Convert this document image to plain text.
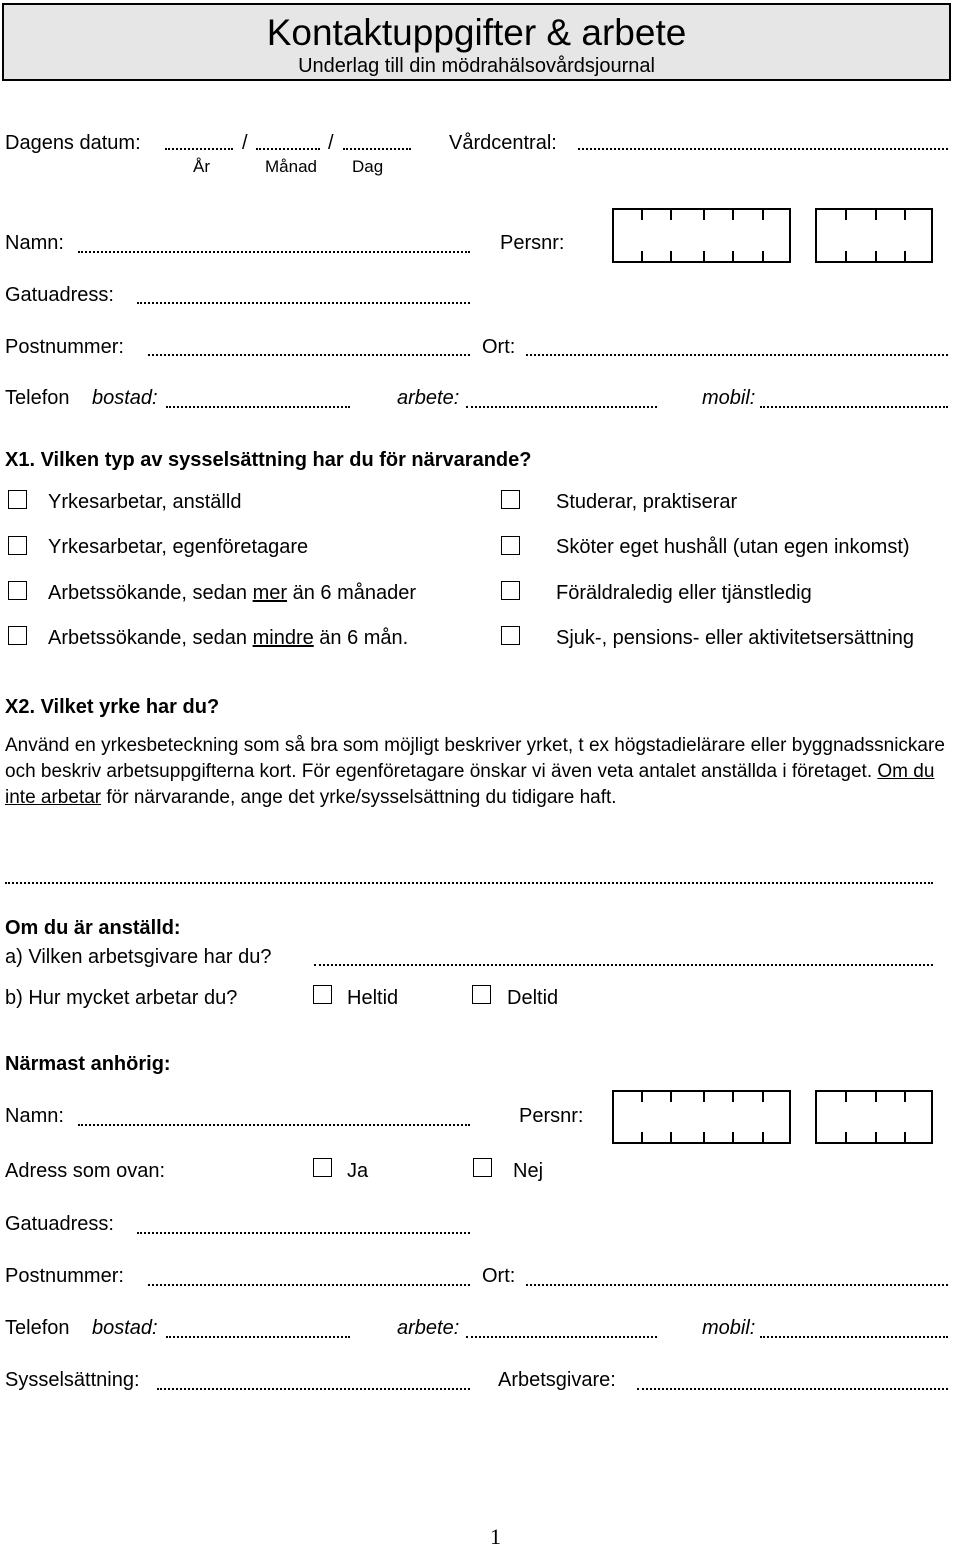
Kontaktuppgifter & arbete
Underlag till din mödrahälsovårdsjournal
Dagens datum:	/	/
År	Månad Dag
Vårdcentral:
Namn:	Persnr:
Gatuadress:
Postnummer:	Ort:
Telefon bostad:	arbete:	mobil:
X1. Vilken typ av sysselsättning har du för närvarande?
Yrkesarbetar, anställd	Studerar, praktiserar
Yrkesarbetar, egenföretagare	Sköter eget hushåll (utan egen inkomst)
Arbetssökande, sedan mer än 6 månader	Föräldraledig eller tjänstledig
Arbetssökande, sedan mindre än 6 mån.	Sjuk-, pensions- eller aktivitetsersättning
X2. Vilket yrke har du?
Använd en yrkesbeteckning som så bra som möjligt beskriver yrket, t ex högstadielärare eller byggnadssnickare och beskriv arbetsuppgifterna kort. För egenföretagare önskar vi även veta antalet anställda i företaget. Om du inte arbetar för närvarande, ange det yrke/sysselsättning du tidigare haft.
Om du är anställd:
a) Vilken arbetsgivare har du?
b) Hur mycket arbetar du?	Heltid	Deltid
Närmast anhörig:
Namn:	Persnr:
Adress som ovan:	Ja	Nej
Gatuadress:
Postnummer:	Ort:
Telefon bostad:	arbete:	mobil:
Sysselsättning:	Arbetsgivare:
1
